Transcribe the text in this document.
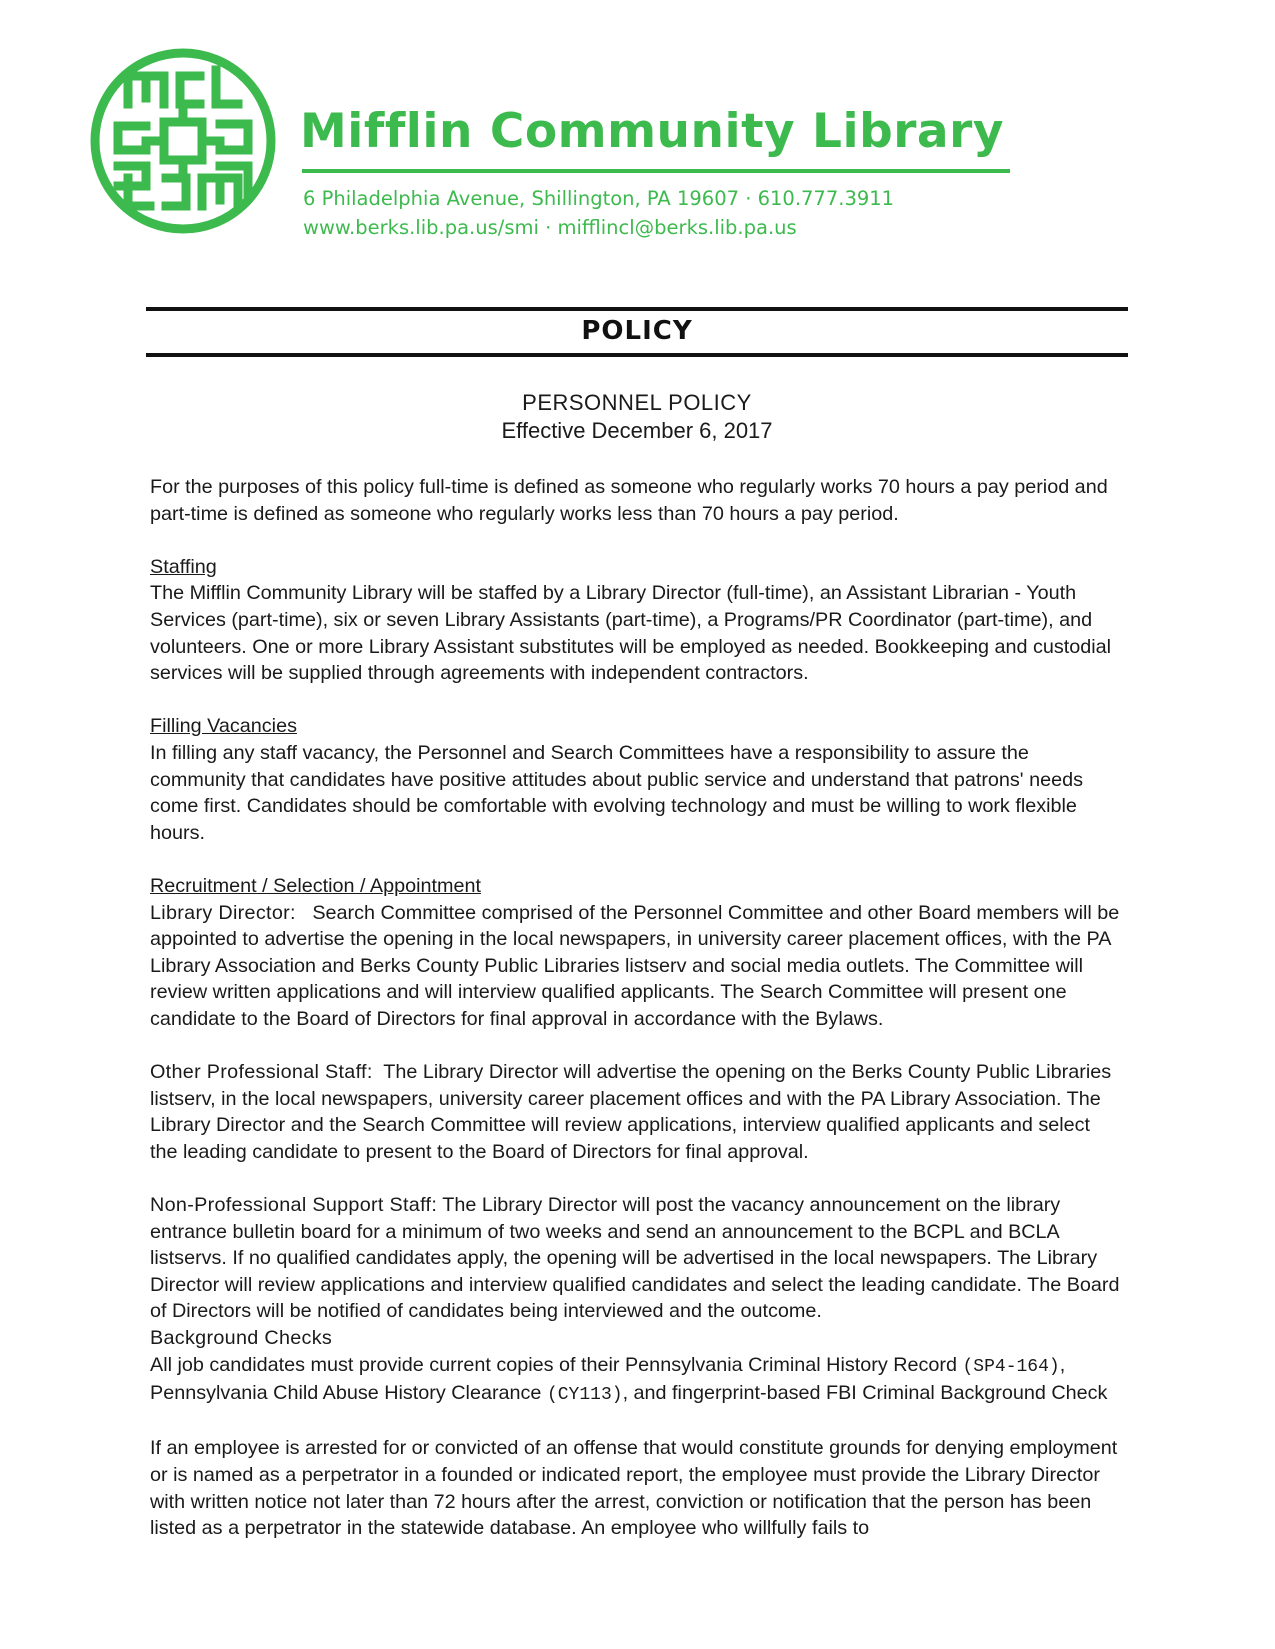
Mifflin Community Library
6 Philadelphia Avenue, Shillington, PA 19607 · 610.777.3911
www.berks.lib.pa.us/smi · mifflincl@berks.lib.pa.us
POLICY
PERSONNEL POLICY
Effective December 6, 2017

For the purposes of this policy full-time is defined as someone who regularly works 70 hours a pay period and part-time is defined as someone who regularly works less than 70 hours a pay period.

Staffing
The Mifflin Community Library will be staffed by a Library Director (full-time), an Assistant Librarian - Youth Services (part-time), six or seven Library Assistants (part-time), a Programs/PR Coordinator (part-time), and volunteers. One or more Library Assistant substitutes will be employed as needed. Bookkeeping and custodial services will be supplied through agreements with independent contractors.

Filling Vacancies
In filling any staff vacancy, the Personnel and Search Committees have a responsibility to assure the community that candidates have positive attitudes about public service and understand that patrons' needs come first. Candidates should be comfortable with evolving technology and must be willing to work flexible hours.

Recruitment / Selection / Appointment
Library Director: Search Committee comprised of the Personnel Committee and other Board members will be appointed to advertise the opening in the local newspapers, in university career placement offices, with the PA Library Association and Berks County Public Libraries listserv and social media outlets. The Committee will review written applications and will interview qualified applicants. The Search Committee will present one candidate to the Board of Directors for final approval in accordance with the Bylaws.

Other Professional Staff: The Library Director will advertise the opening on the Berks County Public Libraries listserv, in the local newspapers, university career placement offices and with the PA Library Association. The Library Director and the Search Committee will review applications, interview qualified applicants and select the leading candidate to present to the Board of Directors for final approval.

Non-Professional Support Staff: The Library Director will post the vacancy announcement on the library entrance bulletin board for a minimum of two weeks and send an announcement to the BCPL and BCLA listservs. If no qualified candidates apply, the opening will be advertised in the local newspapers. The Library Director will review applications and interview qualified candidates and select the leading candidate. The Board of Directors will be notified of candidates being interviewed and the outcome.

Background Checks
All job candidates must provide current copies of their Pennsylvania Criminal History Record (SP4-164), Pennsylvania Child Abuse History Clearance (CY113), and fingerprint-based FBI Criminal Background Check

If an employee is arrested for or convicted of an offense that would constitute grounds for denying employment or is named as a perpetrator in a founded or indicated report, the employee must provide the Library Director with written notice not later than 72 hours after the arrest, conviction or notification that the person has been listed as a perpetrator in the statewide database. An employee who willfully fails to
